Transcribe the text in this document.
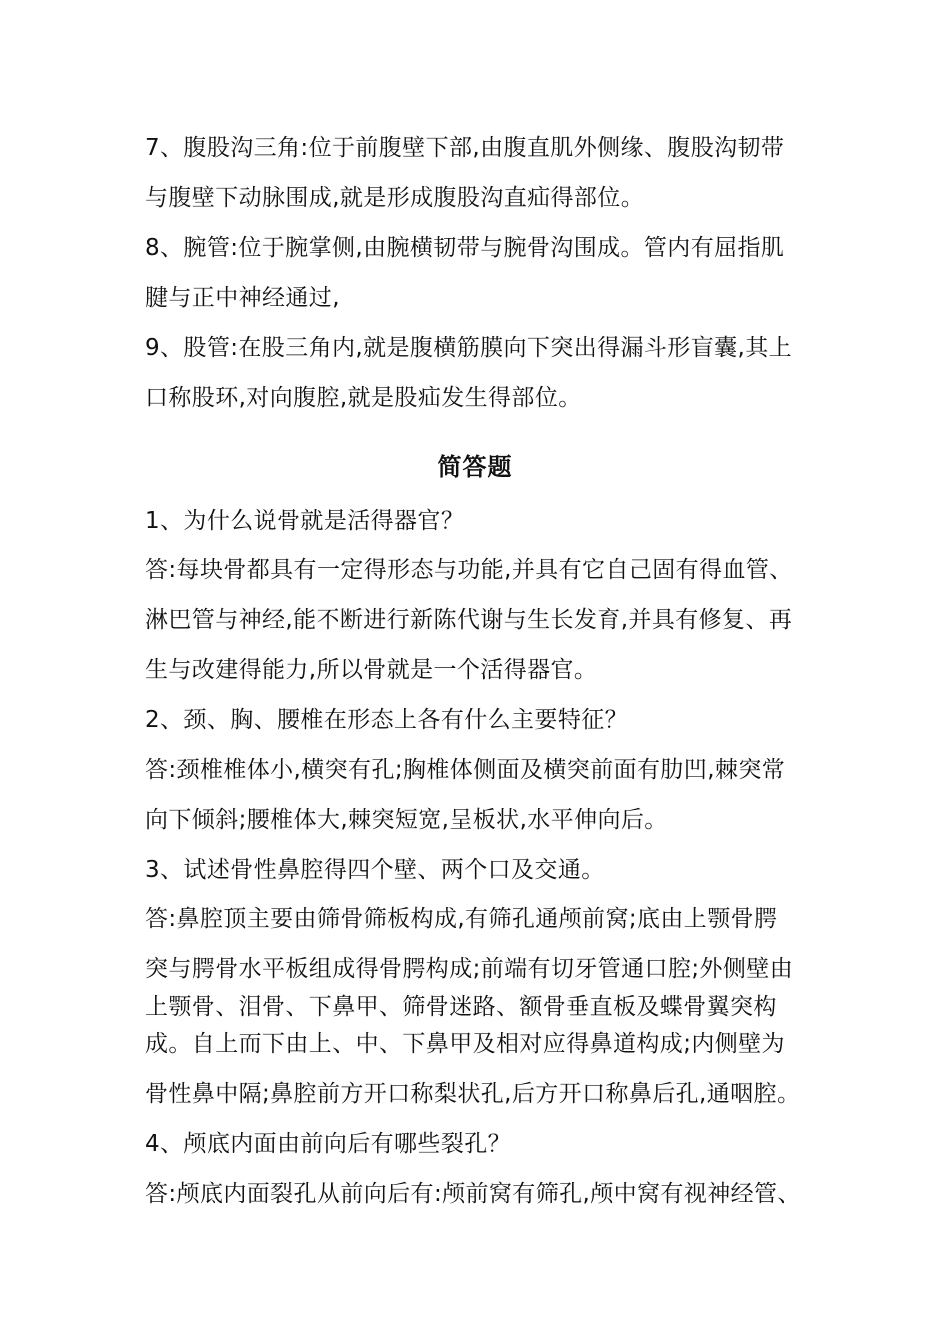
7、腹股沟三角:位于前腹壁下部,由腹直肌外侧缘、腹股沟韧带
与腹壁下动脉围成,就是形成腹股沟直疝得部位。
8、腕管:位于腕掌侧,由腕横韧带与腕骨沟围成。管内有屈指肌
腱与正中神经通过,
9、股管:在股三角内,就是腹横筋膜向下突出得漏斗形盲囊,其上
口称股环,对向腹腔,就是股疝发生得部位。
简答题
1、为什么说骨就是活得器官？
答:每块骨都具有一定得形态与功能,并具有它自己固有得血管、
淋巴管与神经,能不断进行新陈代谢与生长发育,并具有修复、再
生与改建得能力,所以骨就是一个活得器官。
2、颈、胸、腰椎在形态上各有什么主要特征？
答:颈椎椎体小,横突有孔;胸椎体侧面及横突前面有肋凹,棘突常
向下倾斜;腰椎体大,棘突短宽,呈板状,水平伸向后。
3、试述骨性鼻腔得四个壁、两个口及交通。
答:鼻腔顶主要由筛骨筛板构成,有筛孔通颅前窝;底由上颚骨腭
突与腭骨水平板组成得骨腭构成;前端有切牙管通口腔;外侧壁由
上颚骨、泪骨、下鼻甲、筛骨迷路、额骨垂直板及蝶骨翼突构
成。自上而下由上、中、下鼻甲及相对应得鼻道构成;内侧壁为
骨性鼻中隔;鼻腔前方开口称梨状孔,后方开口称鼻后孔,通咽腔。
4、颅底内面由前向后有哪些裂孔？
答:颅底内面裂孔从前向后有:颅前窝有筛孔,颅中窝有视神经管、
